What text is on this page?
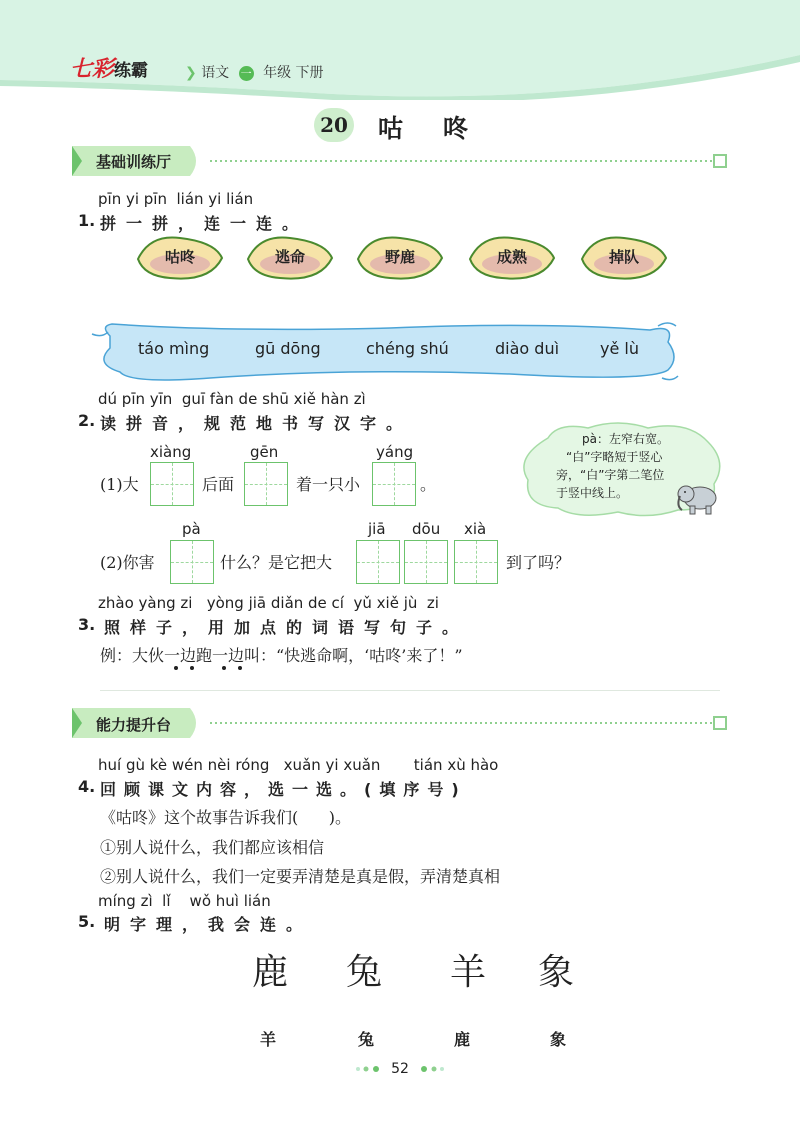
七彩练霸	❯ 语文 一 年级 下册
20 咕咚
基础训练厅
pīn yi pīn  lián yi lián
1. 拼一拼，连一连。
咕咚	逃命	野鹿	成熟	掉队
táo mìng	gū dōng	chéng shú	diào duì	yě lù
dú pīn yīn  guī fàn de shū xiě hàn zì
2. 读拼音，规范地书写汉字。
xiàng	gēn	yáng
(1)大	后面	着一只小	。
pà：左窄右宽。
“白”字略短于竖心
旁，“白”字第二笔位
于竖中线上。
pà	jiā dōu xià
(2)你害	什么？是它把大	到了吗？
zhào yàng zi   yòng jiā diǎn de cí  yǔ xiě jù  zi
3. 照样子，用加点的词语写句子。
例：大伙一边跑一边叫：“快逃命啊，‘咕咚’来了！”
能力提升台
huí gù kè wén nèi róng   xuǎn yi xuǎn       tián xù hào
4. 回顾课文内容，选一选。(填序号)
《咕咚》这个故事告诉我们(      )。
①别人说什么，我们都应该相信
②别人说什么，我们一定要弄清楚是真是假，弄清楚真相
míng zì  lǐ    wǒ huì lián
5. 明字理，我会连。
鹿 兔 羊 象
羊	兔	鹿	象
52
